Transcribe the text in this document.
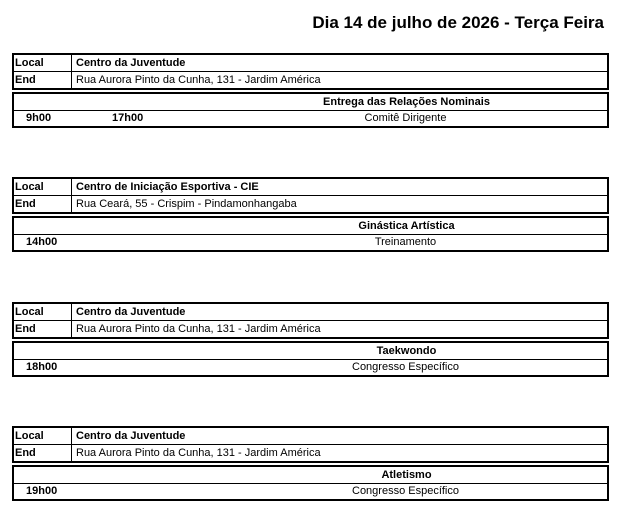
Dia 14 de julho de 2026 - Terça Feira
Local	Centro da Juventude
End	Rua Aurora Pinto da Cunha, 131 - Jardim América
Entrega das Relações Nominais
9h00	17h00	Comitê Dirigente
Local	Centro de Iniciação Esportiva - CIE
End	Rua Ceará, 55 - Crispim - Pindamonhangaba
Ginástica Artística
14h00	Treinamento
Local	Centro da Juventude
End	Rua Aurora Pinto da Cunha, 131 - Jardim América
Taekwondo
18h00	Congresso Específico
Local	Centro da Juventude
End	Rua Aurora Pinto da Cunha, 131 - Jardim América
Atletismo
19h00	Congresso Específico
